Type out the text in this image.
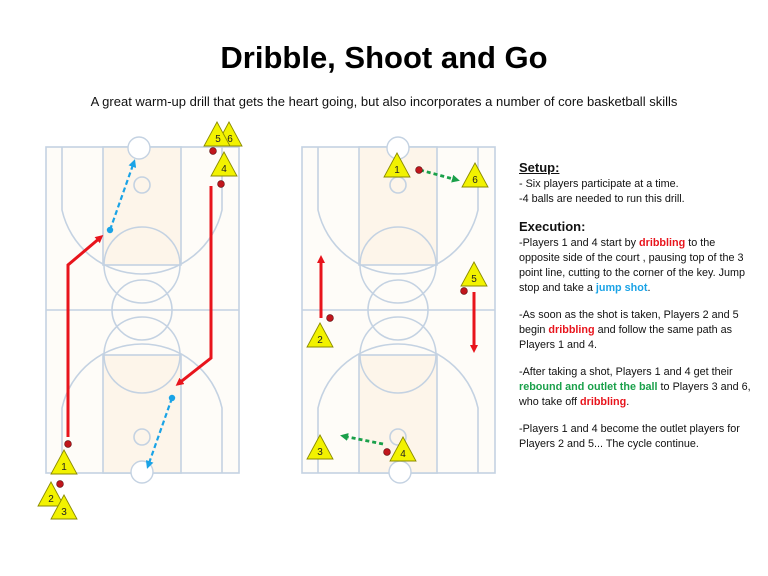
Dribble, Shoot and Go
A great warm-up drill that gets the heart going, but also incorporates a number of core basketball skills
1
2
3
6
5
4	1
6
5
2
3	4
Setup:

- Six players participate at a time.

-4 balls are needed to run this drill.

Execution:

-Players 1 and 4 start by dribbling to the opposite side of the court , pausing top of the 3 point line, cutting to the corner of the key. Jump stop and take a jump shot.

-As soon as the shot is taken, Players 2 and 5 begin dribbling and follow the same path as Players 1 and 4.

-After taking a shot, Players 1 and 4 get their rebound and outlet the ball to Players 3 and 6, who take off dribbling.

-Players 1 and 4 become the outlet players for Players 2 and 5... The cycle continue.
